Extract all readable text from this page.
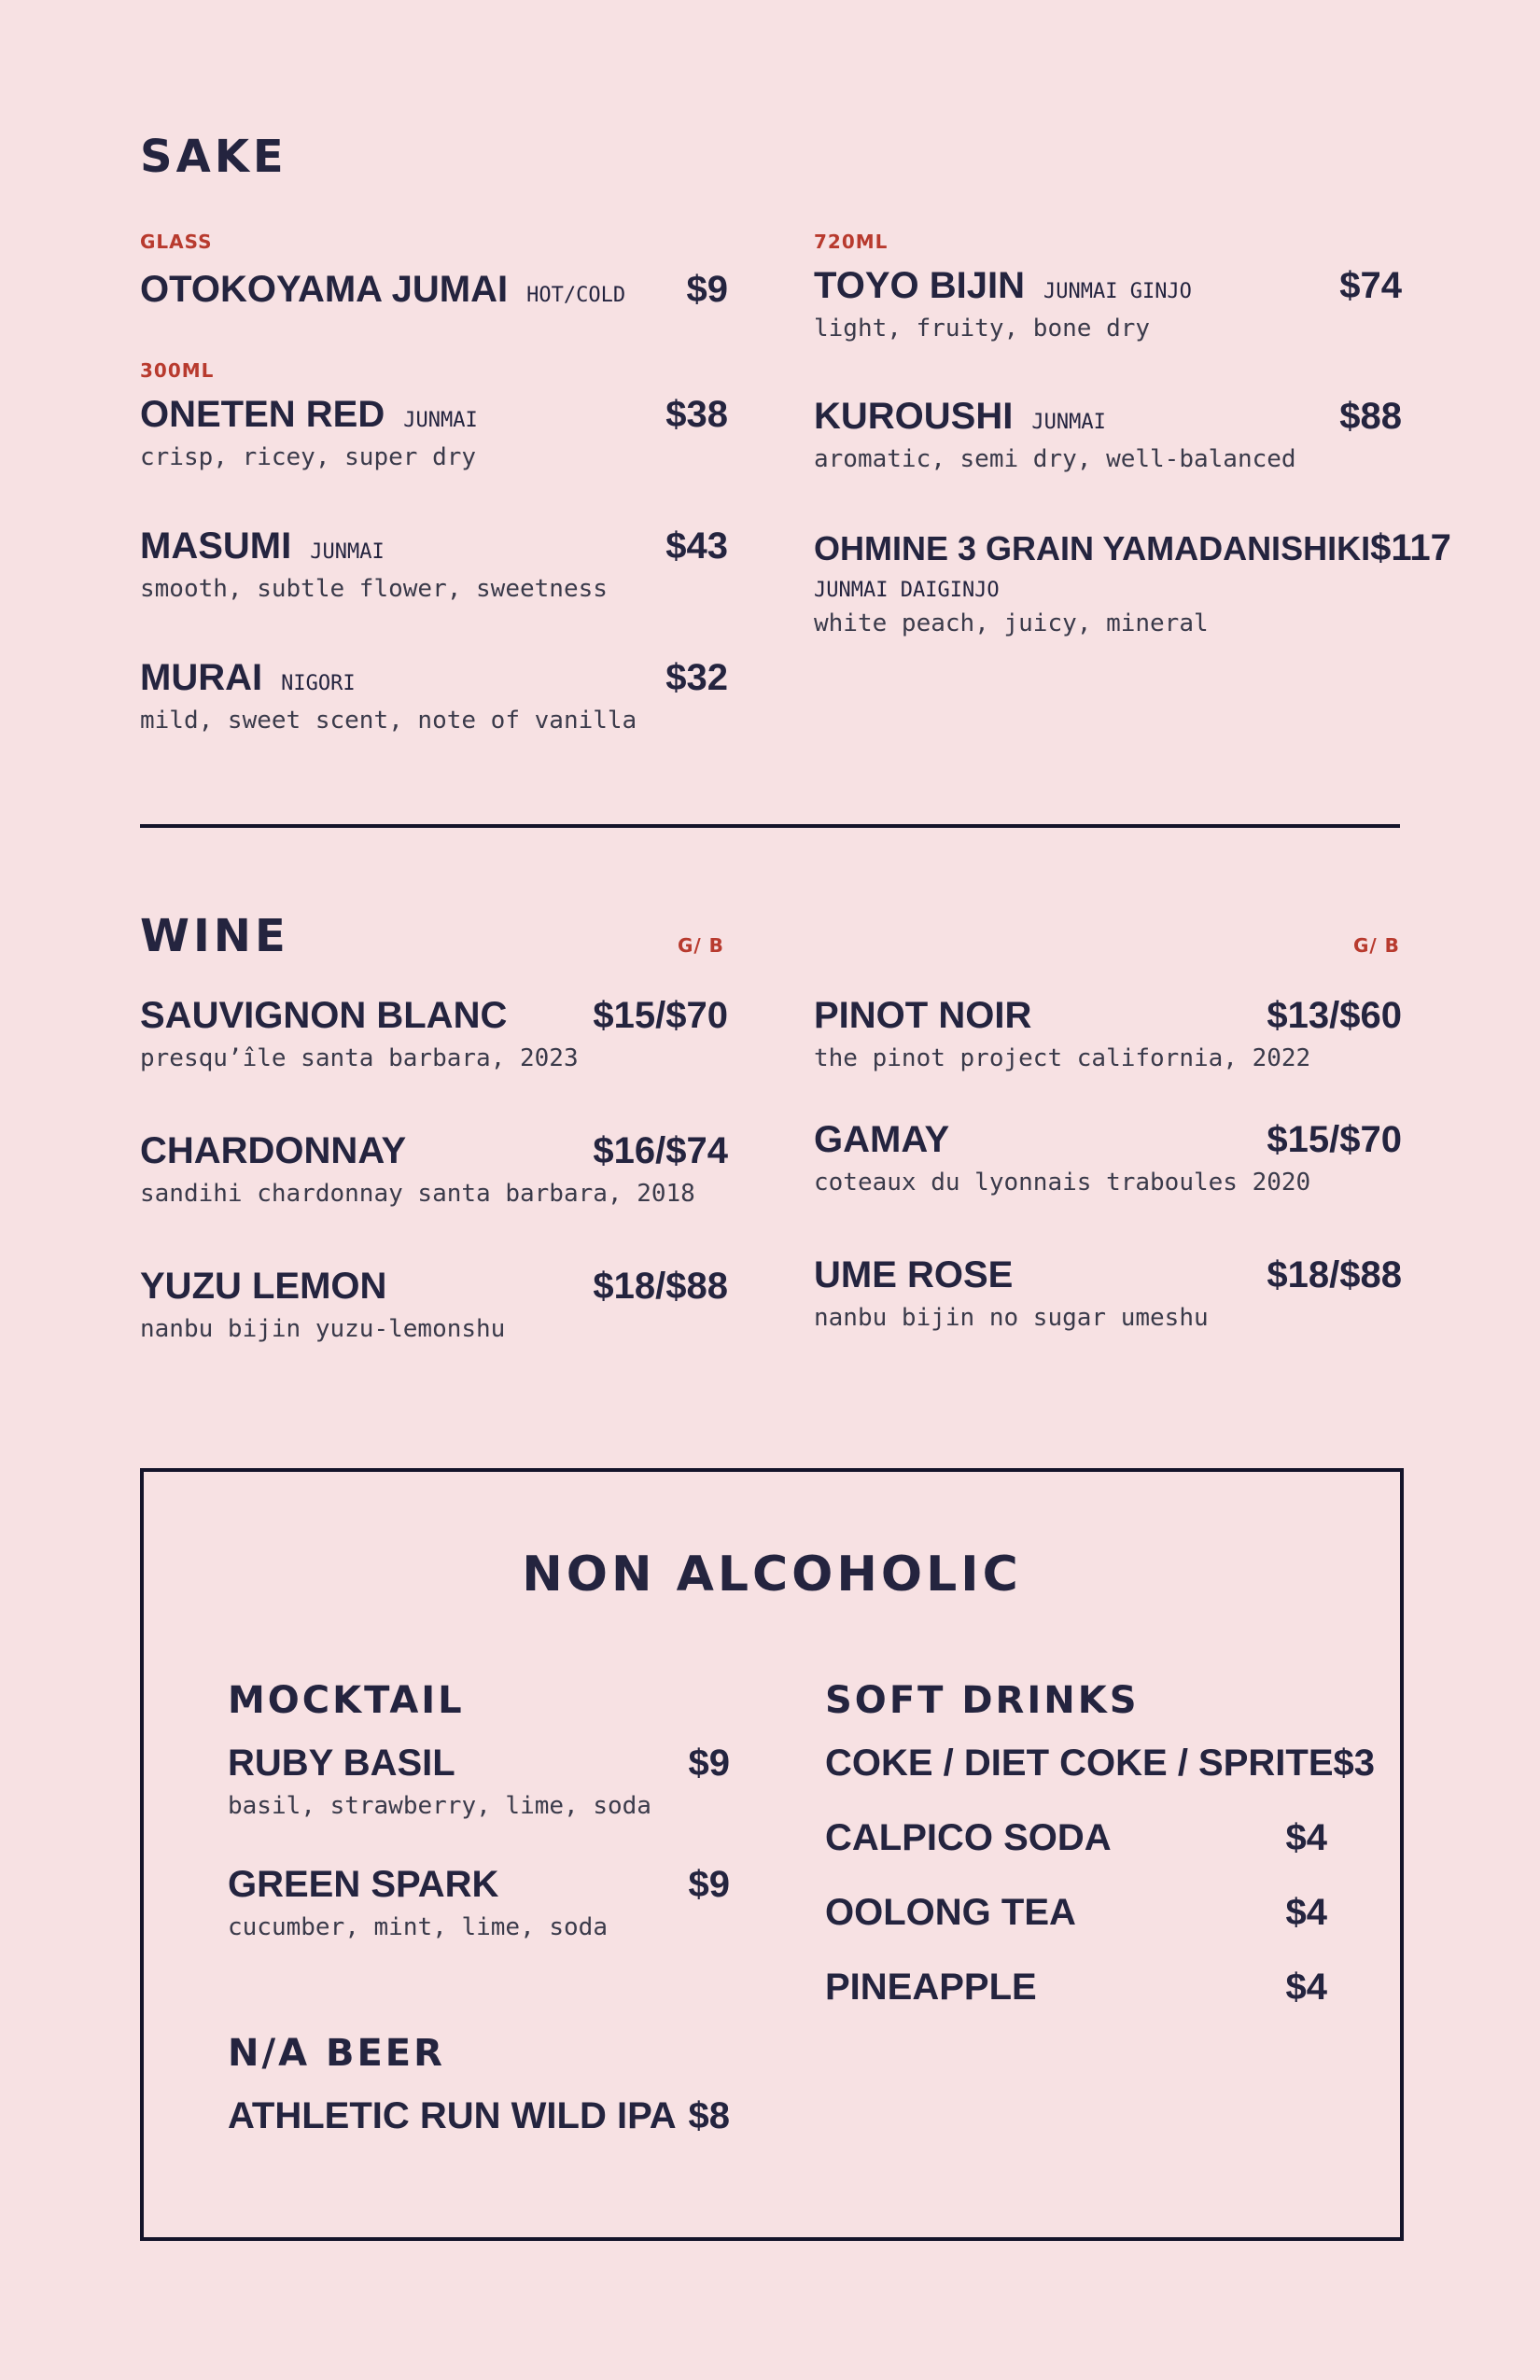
SAKE
GLASS	720ML
300ML
OTOKOYAMA JUMAI HOT/COLD $9
ONETEN RED JUNMAI	$38
crisp, ricey, super dry
MASUMI JUNMAI	$43
smooth, subtle flower, sweetness
MURAI NIGORI	$32
mild, sweet scent, note of vanilla
TOYO BIJIN JUNMAI GINJO	$74
light, fruity, bone dry
KUROUSHI JUNMAI	$88
aromatic, semi dry, well-balanced
OHMINE 3 GRAIN YAMADANISHIKI $117
JUNMAI DAIGINJO
white peach, juicy, mineral
WINE	G/ B	G/ B
SAUVIGNON BLANC $15/$70
presqu’île santa barbara, 2023
CHARDONNAY	$16/$74
sandihi chardonnay santa barbara, 2018
YUZU LEMON	$18/$88
nanbu bijin yuzu-lemonshu
PINOT NOIR	$13/$60
the pinot project california, 2022
GAMAY	$15/$70
coteaux du lyonnais traboules 2020
UME ROSE	$18/$88
nanbu bijin no sugar umeshu
NON ALCOHOLIC
MOCKTAIL	SOFT DRINKS
RUBY BASIL	$9
basil, strawberry, lime, soda
GREEN SPARK	$9
cucumber, mint, lime, soda
N/A BEER
ATHLETIC RUN WILD IPA $8
COKE / DIET COKE / SPRITE $3
CALPICO SODA	$4
OOLONG TEA	$4
PINEAPPLE	$4
